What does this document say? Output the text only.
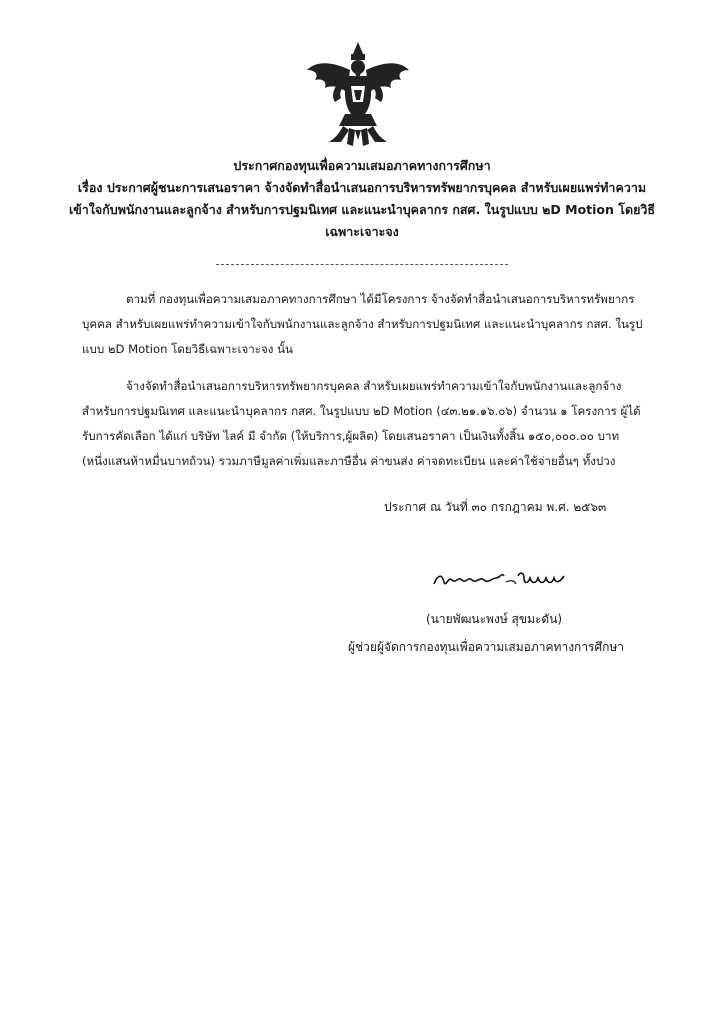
ประกาศกองทุนเพื่อความเสมอภาคทางการศึกษา
เรื่อง ประกาศผู้ชนะการเสนอราคา จ้างจัดทำสื่อนำเสนอการบริหารทรัพยากรบุคคล สำหรับเผยแพร่ทำความ
เข้าใจกับพนักงานและลูกจ้าง สำหรับการปฐมนิเทศ และแนะนำบุคลากร กสศ. ในรูปแบบ ๒D Motion โดยวิธี
เฉพาะเจาะจง
ตามที่ กองทุนเพื่อความเสมอภาคทางการศึกษา ได้มีโครงการ จ้างจัดทำสื่อนำเสนอการบริหารทรัพยากร
บุคคล สำหรับเผยแพร่ทำความเข้าใจกับพนักงานและลูกจ้าง สำหรับการปฐมนิเทศ และแนะนำบุคลากร กสศ. ในรูป
แบบ ๒D Motion โดยวิธีเฉพาะเจาะจง นั้น
จ้างจัดทำสื่อนำเสนอการบริหารทรัพยากรบุคคล สำหรับเผยแพร่ทำความเข้าใจกับพนักงานและลูกจ้าง
สำหรับการปฐมนิเทศ และแนะนำบุคลากร กสศ. ในรูปแบบ ๒D Motion (๔๓.๒๑.๑๖.๐๖) จำนวน ๑ โครงการ ผู้ได้
รับการคัดเลือก ได้แก่ บริษัท ไลค์ มี จำกัด (ให้บริการ,ผู้ผลิต) โดยเสนอราคา เป็นเงินทั้งสิ้น ๑๕๐,๐๐๐.๐๐ บาท
(หนึ่งแสนห้าหมื่นบาทถ้วน) รวมภาษีมูลค่าเพิ่มและภาษีอื่น ค่าขนส่ง ค่าจดทะเบียน และค่าใช้จ่ายอื่นๆ ทั้งปวง
ประกาศ ณ วันที่ ๓๐ กรกฎาคม พ.ศ. ๒๕๖๓
(นายพัฒนะพงษ์ สุขมะดัน)
ผู้ช่วยผู้จัดการกองทุนเพื่อความเสมอภาคทางการศึกษา
